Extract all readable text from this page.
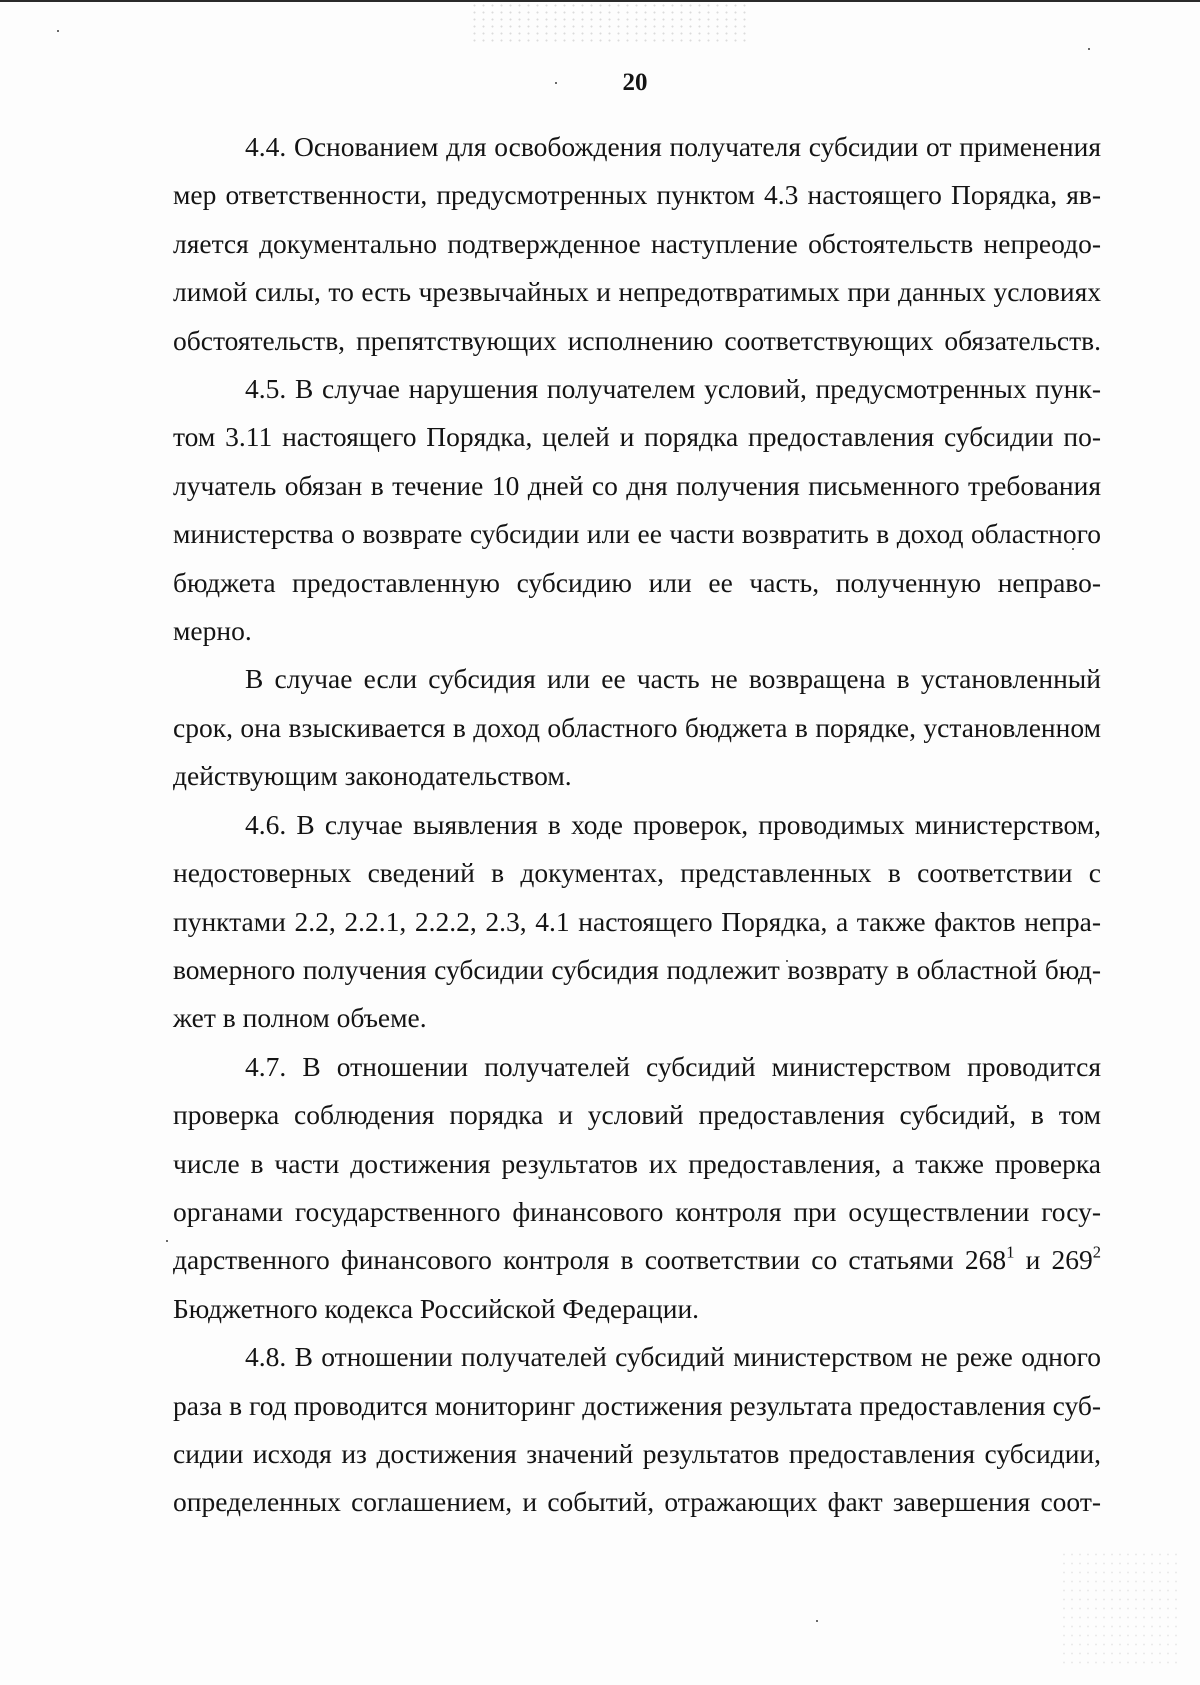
20

4.4. Основанием для освобождения получателя субсидии от применения

мер ответственности, предусмотренных пунктом 4.3 настоящего Порядка, яв-

ляется документально подтвержденное наступление обстоятельств непреодо-

лимой силы, то есть чрезвычайных и непредотвратимых при данных условиях

обстоятельств, препятствующих исполнению соответствующих обязательств.

4.5. В случае нарушения получателем условий, предусмотренных пунк-

том 3.11 настоящего Порядка, целей и порядка предоставления субсидии по-

лучатель обязан в течение 10 дней со дня получения письменного требования

министерства о возврате субсидии или ее части возвратить в доход областного

бюджета предоставленную субсидию или ее часть, полученную неправо-

мерно.

В случае если субсидия или ее часть не возвращена в установленный

срок, она взыскивается в доход областного бюджета в порядке, установленном

действующим законодательством.

4.6. В случае выявления в ходе проверок, проводимых министерством,

недостоверных сведений в документах, представленных в соответствии с

пунктами 2.2, 2.2.1, 2.2.2, 2.3, 4.1 настоящего Порядка, а также фактов непра-

вомерного получения субсидии субсидия подлежит возврату в областной бюд-

жет в полном объеме.

4.7. В отношении получателей субсидий министерством проводится

проверка соблюдения порядка и условий предоставления субсидий, в том

числе в части достижения результатов их предоставления, а также проверка

органами государственного финансового контроля при осуществлении госу-

дарственного финансового контроля в соответствии со статьями $268^1$ и $269^2$

Бюджетного кодекса Российской Федерации.

4.8. В отношении получателей субсидий министерством не реже одного

раза в год проводится мониторинг достижения результата предоставления суб-

сидии исходя из достижения значений результатов предоставления субсидии,

определенных соглашением, и событий, отражающих факт завершения соот-
